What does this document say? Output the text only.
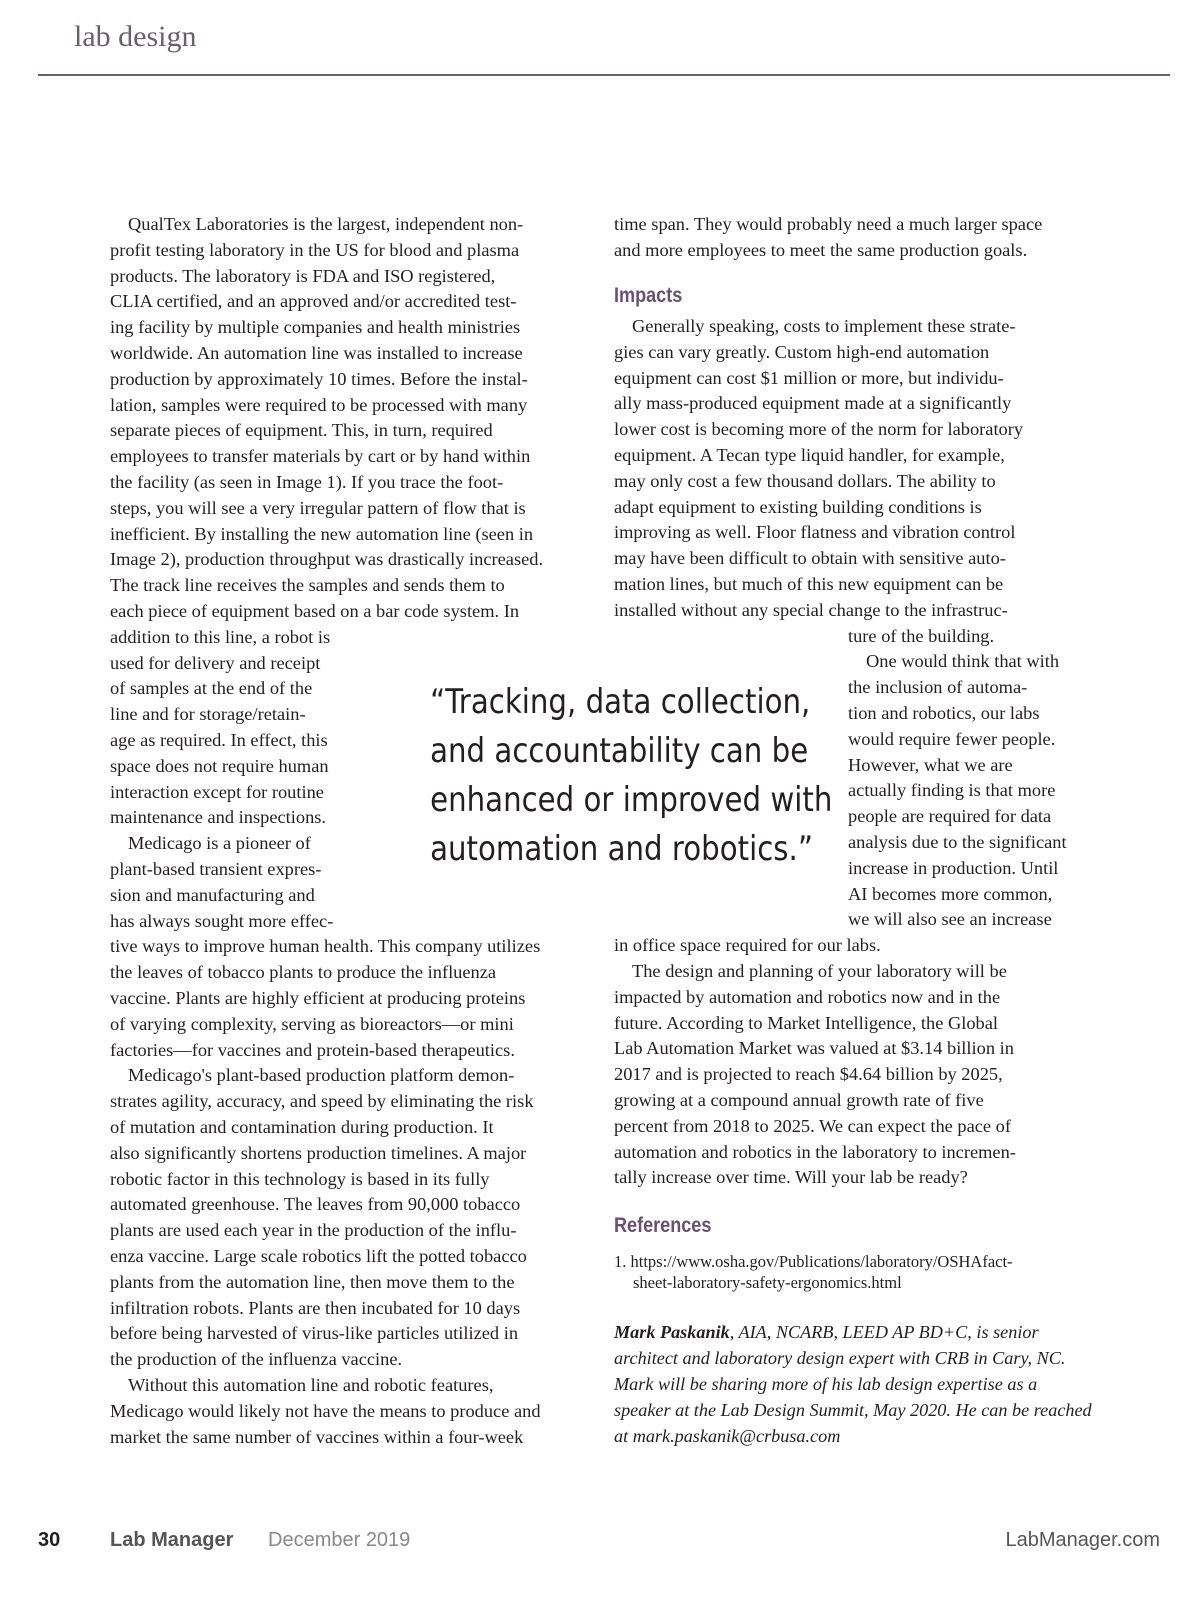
lab design
QualTex Laboratories is the largest, independent non-
profit testing laboratory in the US for blood and plasma
products. The laboratory is FDA and ISO registered,
CLIA certified, and an approved and/or accredited test-
ing facility by multiple companies and health ministries
worldwide. An automation line was installed to increase
production by approximately 10 times. Before the instal-
lation, samples were required to be processed with many
separate pieces of equipment. This, in turn, required
employees to transfer materials by cart or by hand within
the facility (as seen in Image 1). If you trace the foot-
steps, you will see a very irregular pattern of flow that is
inefficient. By installing the new automation line (seen in
Image 2), production throughput was drastically increased.
The track line receives the samples and sends them to
each piece of equipment based on a bar code system. In
addition to this line, a robot is
used for delivery and receipt
of samples at the end of the
line and for storage/retain-
age as required. In effect, this
space does not require human
interaction except for routine
maintenance and inspections.
Medicago is a pioneer of
plant-based transient expres-
sion and manufacturing and
has always sought more effec-
tive ways to improve human health. This company utilizes
the leaves of tobacco plants to produce the influenza
vaccine. Plants are highly efficient at producing proteins
of varying complexity, serving as bioreactors—or mini
factories—for vaccines and protein-based therapeutics.
Medicago's plant-based production platform demon-
strates agility, accuracy, and speed by eliminating the risk
of mutation and contamination during production. It
also significantly shortens production timelines. A major
robotic factor in this technology is based in its fully
automated greenhouse. The leaves from 90,000 tobacco
plants are used each year in the production of the influ-
enza vaccine. Large scale robotics lift the potted tobacco
plants from the automation line, then move them to the
infiltration robots. Plants are then incubated for 10 days
before being harvested of virus-like particles utilized in
the production of the influenza vaccine.
Without this automation line and robotic features,
Medicago would likely not have the means to produce and
market the same number of vaccines within a four-week
time span. They would probably need a much larger space
and more employees to meet the same production goals.
Impacts
Generally speaking, costs to implement these strate-
gies can vary greatly. Custom high-end automation
equipment can cost $1 million or more, but individu-
ally mass-produced equipment made at a significantly
lower cost is becoming more of the norm for laboratory
equipment. A Tecan type liquid handler, for example,
may only cost a few thousand dollars. The ability to
adapt equipment to existing building conditions is
improving as well. Floor flatness and vibration control
may have been difficult to obtain with sensitive auto-
mation lines, but much of this new equipment can be
installed without any special change to the infrastruc-
ture of the building.
One would think that with
the inclusion of automa-
tion and robotics, our labs
would require fewer people.
However, what we are
actually finding is that more
people are required for data
analysis due to the significant
increase in production. Until
AI becomes more common,
we will also see an increase
in office space required for our labs.
The design and planning of your laboratory will be
impacted by automation and robotics now and in the
future. According to Market Intelligence, the Global
Lab Automation Market was valued at $3.14 billion in
2017 and is projected to reach $4.64 billion by 2025,
growing at a compound annual growth rate of five
percent from 2018 to 2025. We can expect the pace of
automation and robotics in the laboratory to incremen-
tally increase over time. Will your lab be ready?
“Tracking, data collection,
and accountability can be
enhanced or improved with
automation and robotics.”
References
1. https://www.osha.gov/Publications/laboratory/OSHAfact-
sheet-laboratory-safety-ergonomics.html
Mark Paskanik, AIA, NCARB, LEED AP BD+C, is senior
architect and laboratory design expert with CRB in Cary, NC.
Mark will be sharing more of his lab design expertise as a
speaker at the Lab Design Summit, May 2020. He can be reached
at mark.paskanik@crbusa.com
30 Lab Manager December 2019	LabManager.com
